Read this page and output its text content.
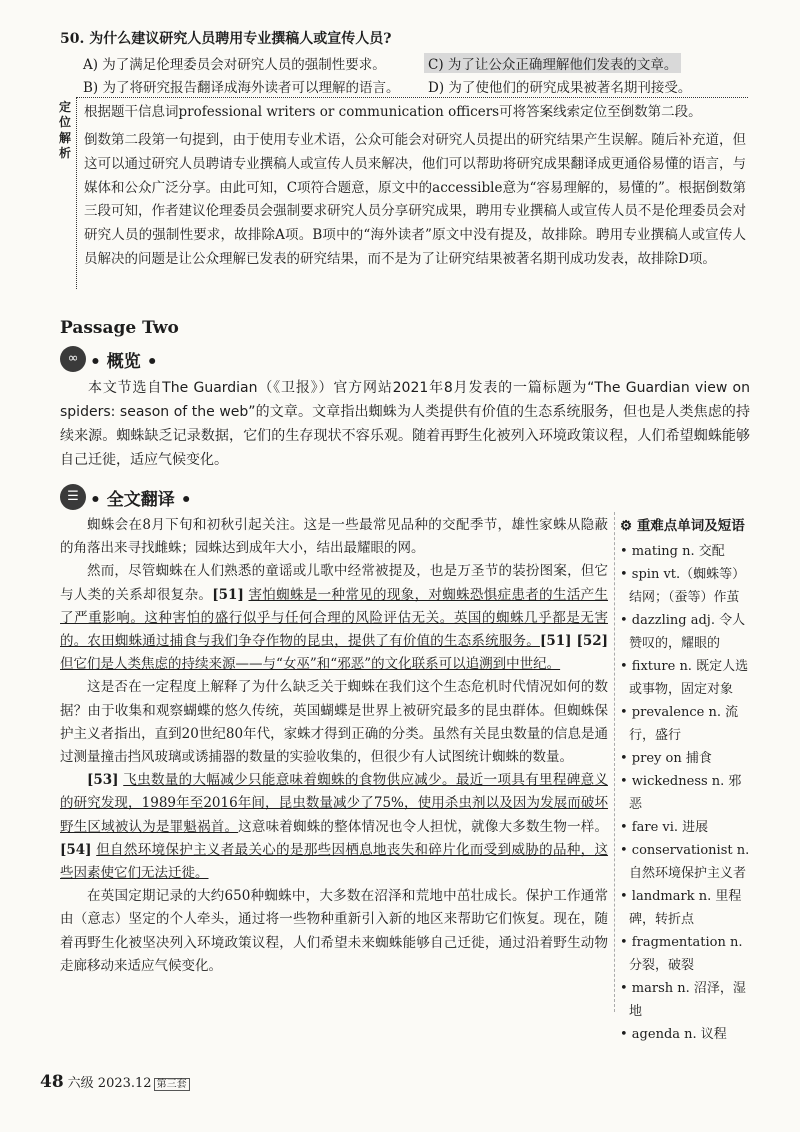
50. 为什么建议研究人员聘用专业撰稿人或宣传人员?
A) 为了满足伦理委员会对研究人员的强制性要求。	C) 为了让公众正确理解他们发表的文章。
B) 为了将研究报告翻译成海外读者可以理解的语言。 D) 为了使他们的研究成果被著名期刊接受。
定位
根据题干信息词professional writers or communication officers可将答案线索定位至倒数第二段。
解析
倒数第二段第一句提到，由于使用专业术语，公众可能会对研究人员提出的研究结果产生误解。随后补充道，但这可以通过研究人员聘请专业撰稿人或宣传人员来解决，他们可以帮助将研究成果翻译成更通俗易懂的语言，与媒体和公众广泛分享。由此可知，C项符合题意，原文中的accessible意为“容易理解的，易懂的”。根据倒数第三段可知，作者建议伦理委员会强制要求研究人员分享研究成果，聘用专业撰稿人或宣传人员不是伦理委员会对研究人员的强制性要求，故排除A项。B项中的“海外读者”原文中没有提及，故排除。聘用专业撰稿人或宣传人员解决的问题是让公众理解已发表的研究结果，而不是为了让研究结果被著名期刊成功发表，故排除D项。
Passage Two
∞ • 概览 •
本文节选自The Guardian（《卫报》）官方网站2021年8月发表的一篇标题为“The Guardian view on spiders: season of the web”的文章。文章指出蜘蛛为人类提供有价值的生态系统服务，但也是人类焦虑的持续来源。蜘蛛缺乏记录数据，它们的生存现状不容乐观。随着再野生化被列入环境政策议程，人们希望蜘蛛能够自己迁徙，适应气候变化。
☰ • 全文翻译 •

蜘蛛会在8月下旬和初秋引起关注。这是一些最常见品种的交配季节，雄性家蛛从隐蔽的角落出来寻找雌蛛；园蛛达到成年大小，结出最耀眼的网。

然而，尽管蜘蛛在人们熟悉的童谣或儿歌中经常被提及，也是万圣节的装扮图案，但它与人类的关系却很复杂。[51] 害怕蜘蛛是一种常见的现象，对蜘蛛恐惧症患者的生活产生了严重影响。这种害怕的盛行似乎与任何合理的风险评估无关。英国的蜘蛛几乎都是无害的。农田蜘蛛通过捕食与我们争夺作物的昆虫，提供了有价值的生态系统服务。[51] [52] 但它们是人类焦虑的持续来源——与“女巫”和“邪恶”的文化联系可以追溯到中世纪。

这是否在一定程度上解释了为什么缺乏关于蜘蛛在我们这个生态危机时代情况如何的数据？由于收集和观察蝴蝶的悠久传统，英国蝴蝶是世界上被研究最多的昆虫群体。但蜘蛛保护主义者指出，直到20世纪80年代，家蛛才得到正确的分类。虽然有关昆虫数量的信息是通过测量撞击挡风玻璃或诱捕器的数量的实验收集的，但很少有人试图统计蜘蛛的数量。

[53] 飞虫数量的大幅减少只能意味着蜘蛛的食物供应减少。最近一项具有里程碑意义的研究发现，1989年至2016年间，昆虫数量减少了75%，使用杀虫剂以及因为发展而破坏野生区域被认为是罪魁祸首。这意味着蜘蛛的整体情况也令人担忧，就像大多数生物一样。[54] 但自然环境保护主义者最关心的是那些因栖息地丧失和碎片化而受到威胁的品种，这些因素使它们无法迁徙。

在英国定期记录的大约650种蜘蛛中，大多数在沼泽和荒地中茁壮成长。保护工作通常由（意志）坚定的个人牵头，通过将一些物种重新引入新的地区来帮助它们恢复。现在，随着再野生化被坚决列入环境政策议程，人们希望未来蜘蛛能够自己迁徙，通过沿着野生动物走廊移动来适应气候变化。

⚙ 重难点单词及短语
• mating n. 交配
• spin vt.（蜘蛛等）结网；（蚕等）作茧
• dazzling adj. 令人赞叹的，耀眼的
• fixture n. 既定人选或事物，固定对象
• prevalence n. 流行，盛行
• prey on 捕食
• wickedness n. 邪恶
• fare vi. 进展
• conservationist n. 自然环境保护主义者
• landmark n. 里程碑，转折点
• fragmentation n. 分裂，破裂
• marsh n. 沼泽，湿地
• agenda n. 议程
48 六级 2023.12 第三套
